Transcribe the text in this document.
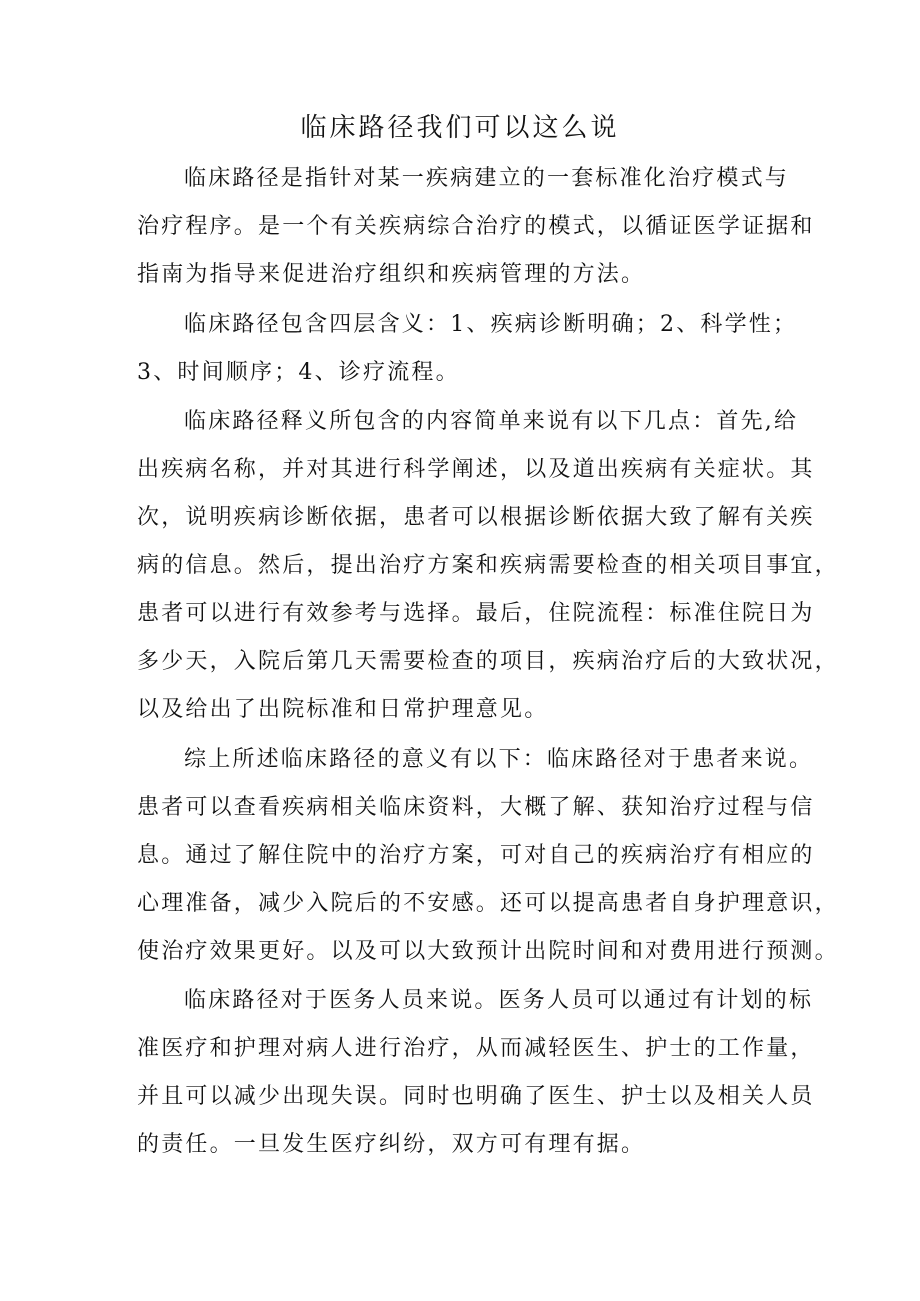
临床路径我们可以这么说
临床路径是指针对某一疾病建立的一套标准化治疗模式与
治疗程序。是一个有关疾病综合治疗的模式，以循证医学证据和
指南为指导来促进治疗组织和疾病管理的方法。
临床路径包含四层含义：1、疾病诊断明确；2、科学性；
3、时间顺序；4、诊疗流程。
临床路径释义所包含的内容简单来说有以下几点：首先,给
出疾病名称，并对其进行科学阐述，以及道出疾病有关症状。其
次，说明疾病诊断依据，患者可以根据诊断依据大致了解有关疾
病的信息。然后，提出治疗方案和疾病需要检查的相关项目事宜，
患者可以进行有效参考与选择。最后，住院流程：标准住院日为
多少天，入院后第几天需要检查的项目，疾病治疗后的大致状况，
以及给出了出院标准和日常护理意见。
综上所述临床路径的意义有以下：临床路径对于患者来说。
患者可以查看疾病相关临床资料，大概了解、获知治疗过程与信
息。通过了解住院中的治疗方案，可对自己的疾病治疗有相应的
心理准备，减少入院后的不安感。还可以提高患者自身护理意识，
使治疗效果更好。以及可以大致预计出院时间和对费用进行预测。
临床路径对于医务人员来说。医务人员可以通过有计划的标
准医疗和护理对病人进行治疗，从而减轻医生、护士的工作量，
并且可以减少出现失误。同时也明确了医生、护士以及相关人员
的责任。一旦发生医疗纠纷，双方可有理有据。
